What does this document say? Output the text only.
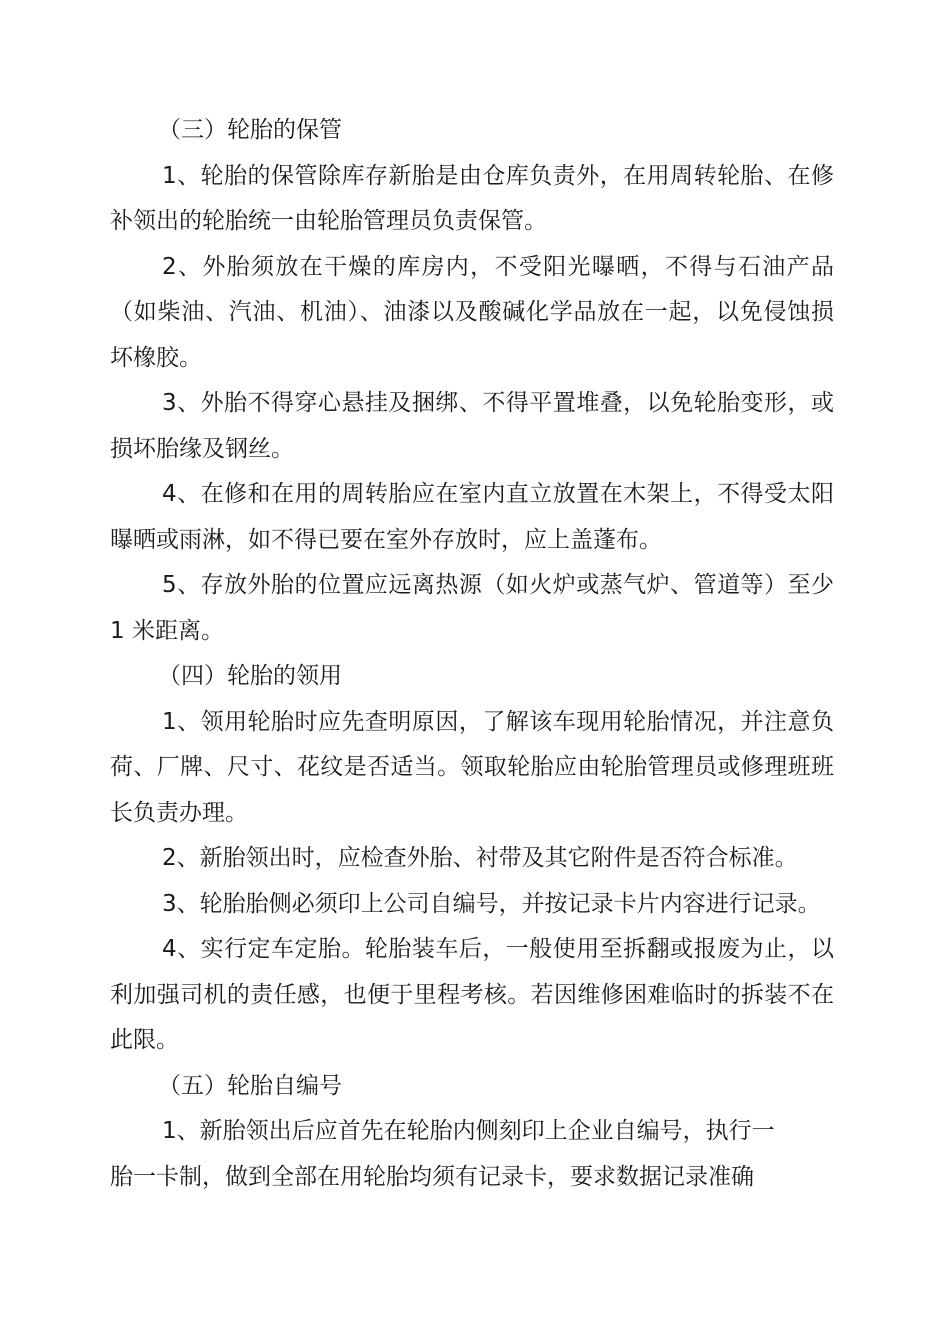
（三）轮胎的保管
1、轮胎的保管除库存新胎是由仓库负责外，在用周转轮胎、在修
补领出的轮胎统一由轮胎管理员负责保管。
2、外胎须放在干燥的库房内，不受阳光曝晒，不得与石油产品
（如柴油、汽油、机油）、油漆以及酸碱化学品放在一起，以免侵蚀损
坏橡胶。
3、外胎不得穿心悬挂及捆绑、不得平置堆叠，以免轮胎变形，或
损坏胎缘及钢丝。
4、在修和在用的周转胎应在室内直立放置在木架上，不得受太阳
曝晒或雨淋，如不得已要在室外存放时，应上盖蓬布。
5、存放外胎的位置应远离热源（如火炉或蒸气炉、管道等）至少
1 米距离。
（四）轮胎的领用
1、领用轮胎时应先查明原因，了解该车现用轮胎情况，并注意负
荷、厂牌、尺寸、花纹是否适当。领取轮胎应由轮胎管理员或修理班班
长负责办理。
2、新胎领出时，应检查外胎、衬带及其它附件是否符合标准。
3、轮胎胎侧必须印上公司自编号，并按记录卡片内容进行记录。
4、实行定车定胎。轮胎装车后，一般使用至拆翻或报废为止，以
利加强司机的责任感，也便于里程考核。若因维修困难临时的拆装不在
此限。
（五）轮胎自编号
1、新胎领出后应首先在轮胎内侧刻印上企业自编号，执行一
胎一卡制，做到全部在用轮胎均须有记录卡，要求数据记录准确
